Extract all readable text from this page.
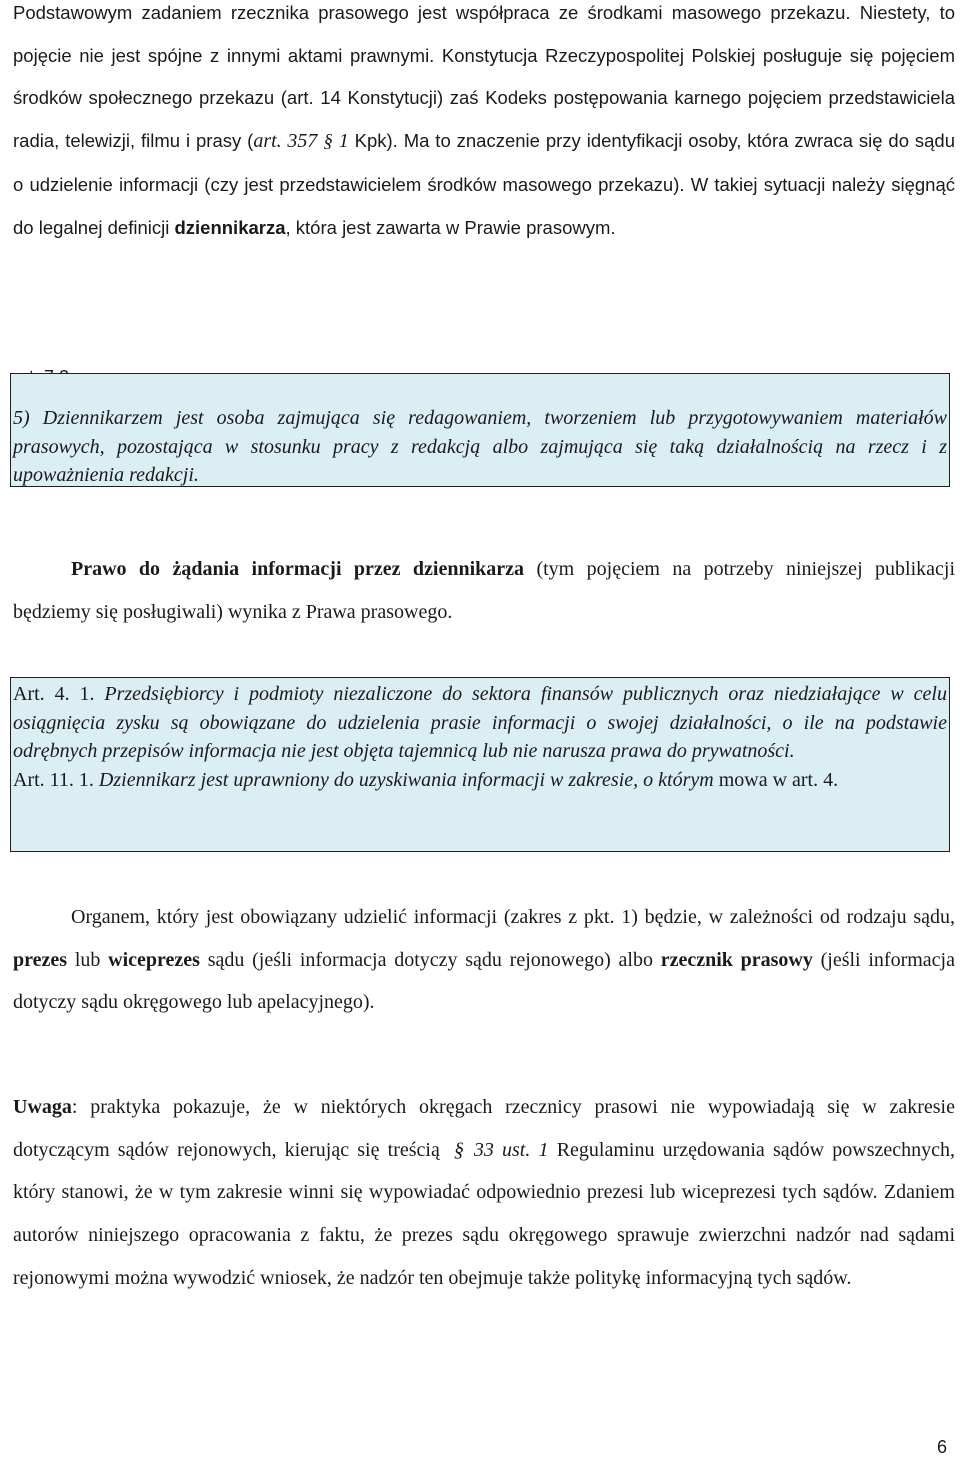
Podstawowym zadaniem rzecznika prasowego jest współpraca ze środkami masowego przekazu. Niestety, to pojęcie nie jest spójne z innymi aktami prawnymi. Konstytucja Rzeczypospolitej Polskiej posługuje się pojęciem środków społecznego przekazu (art. 14 Konstytucji) zaś Kodeks postępowania karnego pojęciem przedstawiciela radia, telewizji, filmu i prasy (art. 357 § 1 Kpk). Ma to znaczenie przy identyfikacji osoby, która zwraca się do sądu o udzielenie informacji (czy jest przedstawicielem środków masowego przekazu). W takiej sytuacji należy sięgnąć do legalnej definicji dziennikarza, która jest zawarta w Prawie prasowym.

5) Dziennikarzem jest osoba zajmująca się redagowaniem, tworzeniem lub przygotowywaniem materiałów prasowych, pozostająca w stosunku pracy z redakcją albo zajmująca się taką działalnością na rzecz i z upoważnienia redakcji.

Prawo do żądania informacji przez dziennikarza (tym pojęciem na potrzeby niniejszej publikacji będziemy się posługiwali) wynika z Prawa prasowego.

Art. 4. 1. Przedsiębiorcy i podmioty niezaliczone do sektora finansów publicznych oraz niedziałające w celu osiągnięcia zysku są obowiązane do udzielenia prasie informacji o swojej działalności, o ile na podstawie odrębnych przepisów informacja nie jest objęta tajemnicą lub nie narusza prawa do prywatności.

Art. 11. 1. Dziennikarz jest uprawniony do uzyskiwania informacji w zakresie, o którym mowa w art. 4.

Organem, który jest obowiązany udzielić informacji (zakres z pkt. 1) będzie, w zależności od rodzaju sądu, prezes lub wiceprezes sądu (jeśli informacja dotyczy sądu rejonowego) albo rzecznik prasowy (jeśli informacja dotyczy sądu okręgowego lub apelacyjnego).

Uwaga: praktyka pokazuje, że w niektórych okręgach rzecznicy prasowi nie wypowiadają się w zakresie dotyczącym sądów rejonowych, kierując się treścią § 33 ust. 1 Regulaminu urzędowania sądów powszechnych, który stanowi, że w tym zakresie winni się wypowiadać odpowiednio prezesi lub wiceprezesi tych sądów. Zdaniem autorów niniejszego opracowania z faktu, że prezes sądu okręgowego sprawuje zwierzchni nadzór nad sądami rejonowymi można wywodzić wniosek, że nadzór ten obejmuje także politykę informacyjną tych sądów.

6
